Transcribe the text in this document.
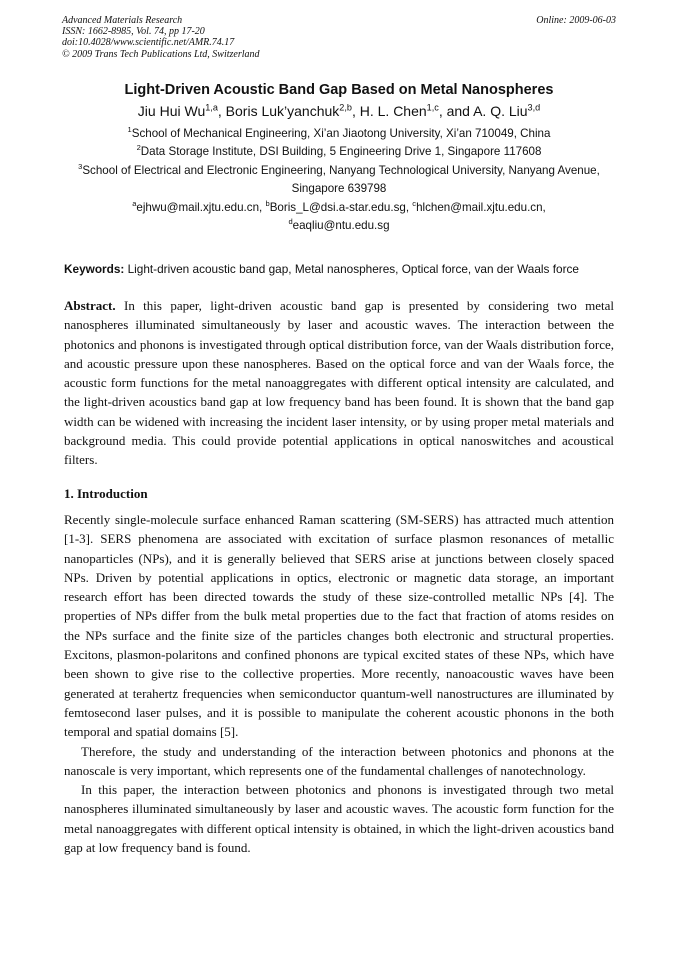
Advanced Materials Research
ISSN: 1662-8985, Vol. 74, pp 17-20
doi:10.4028/www.scientific.net/AMR.74.17
© 2009 Trans Tech Publications Ltd, Switzerland
Online: 2009-06-03
Light-Driven Acoustic Band Gap Based on Metal Nanospheres
Jiu Hui Wu$^{1,a}$, Boris Luk’yanchuk$^{2,b}$, H. L. Chen$^{1,c}$, and A. Q. Liu$^{3,d}$
$^1$School of Mechanical Engineering, Xi’an Jiaotong University, Xi’an 710049, China
$^2$Data Storage Institute, DSI Building, 5 Engineering Drive 1, Singapore 117608
$^3$School of Electrical and Electronic Engineering, Nanyang Technological University, Nanyang Avenue, Singapore 639798
$^a$ejhwu@mail.xjtu.edu.cn, $^b$Boris_L@dsi.a-star.edu.sg, $^c$hlchen@mail.xjtu.edu.cn,
$^d$eaqliu@ntu.edu.sg
Keywords: Light-driven acoustic band gap, Metal nanospheres, Optical force, van der Waals force
Abstract. In this paper, light-driven acoustic band gap is presented by considering two metal nanospheres illuminated simultaneously by laser and acoustic waves. The interaction between the photonics and phonons is investigated through optical distribution force, van der Waals distribution force, and acoustic pressure upon these nanospheres. Based on the optical force and van der Waals force, the acoustic form functions for the metal nanoaggregates with different optical intensity are calculated, and the light-driven acoustics band gap at low frequency band has been found. It is shown that the band gap width can be widened with increasing the incident laser intensity, or by using proper metal materials and background media. This could provide potential applications in optical nanoswitches and acoustical filters.
1. Introduction

Recently single-molecule surface enhanced Raman scattering (SM-SERS) has attracted much attention [1-3]. SERS phenomena are associated with excitation of surface plasmon resonances of metallic nanoparticles (NPs), and it is generally believed that SERS arise at junctions between closely spaced NPs. Driven by potential applications in optics, electronic or magnetic data storage, an important research effort has been directed towards the study of these size-controlled metallic NPs [4]. The properties of NPs differ from the bulk metal properties due to the fact that fraction of atoms resides on the NPs surface and the finite size of the particles changes both electronic and structural properties. Excitons, plasmon-polaritons and confined phonons are typical excited states of these NPs, which have been shown to give rise to the collective properties. More recently, nanoacoustic waves have been generated at terahertz frequencies when semiconductor quantum-well nanostructures are illuminated by femtosecond laser pulses, and it is possible to manipulate the coherent acoustic phonons in the both temporal and spatial domains [5].

Therefore, the study and understanding of the interaction between photonics and phonons at the nanoscale is very important, which represents one of the fundamental challenges of nanotechnology.

In this paper, the interaction between photonics and phonons is investigated through two metal nanospheres illuminated simultaneously by laser and acoustic waves. The acoustic form function for the metal nanoaggregates with different optical intensity is obtained, in which the light-driven acoustics band gap at low frequency band is found.
